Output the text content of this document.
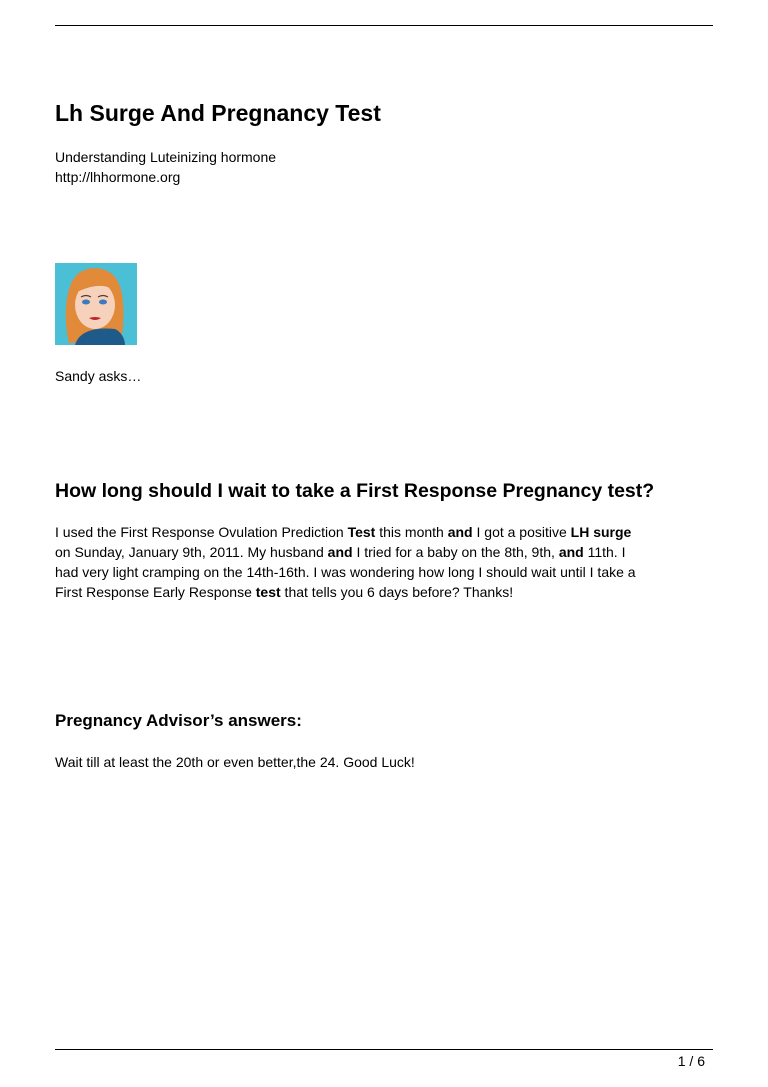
Lh Surge And Pregnancy Test
Understanding Luteinizing hormone
http://lhhormone.org
Sandy asks…
How long should I wait to take a First Response Pregnancy test?
I used the First Response Ovulation Prediction Test this month and I got a positive LH surge
on Sunday, January 9th, 2011. My husband and I tried for a baby on the 8th, 9th, and 11th. I
had very light cramping on the 14th-16th. I was wondering how long I should wait until I take a
First Response Early Response test that tells you 6 days before? Thanks!
Pregnancy Advisor’s answers:
Wait till at least the 20th or even better,the 24. Good Luck!
1 / 6
